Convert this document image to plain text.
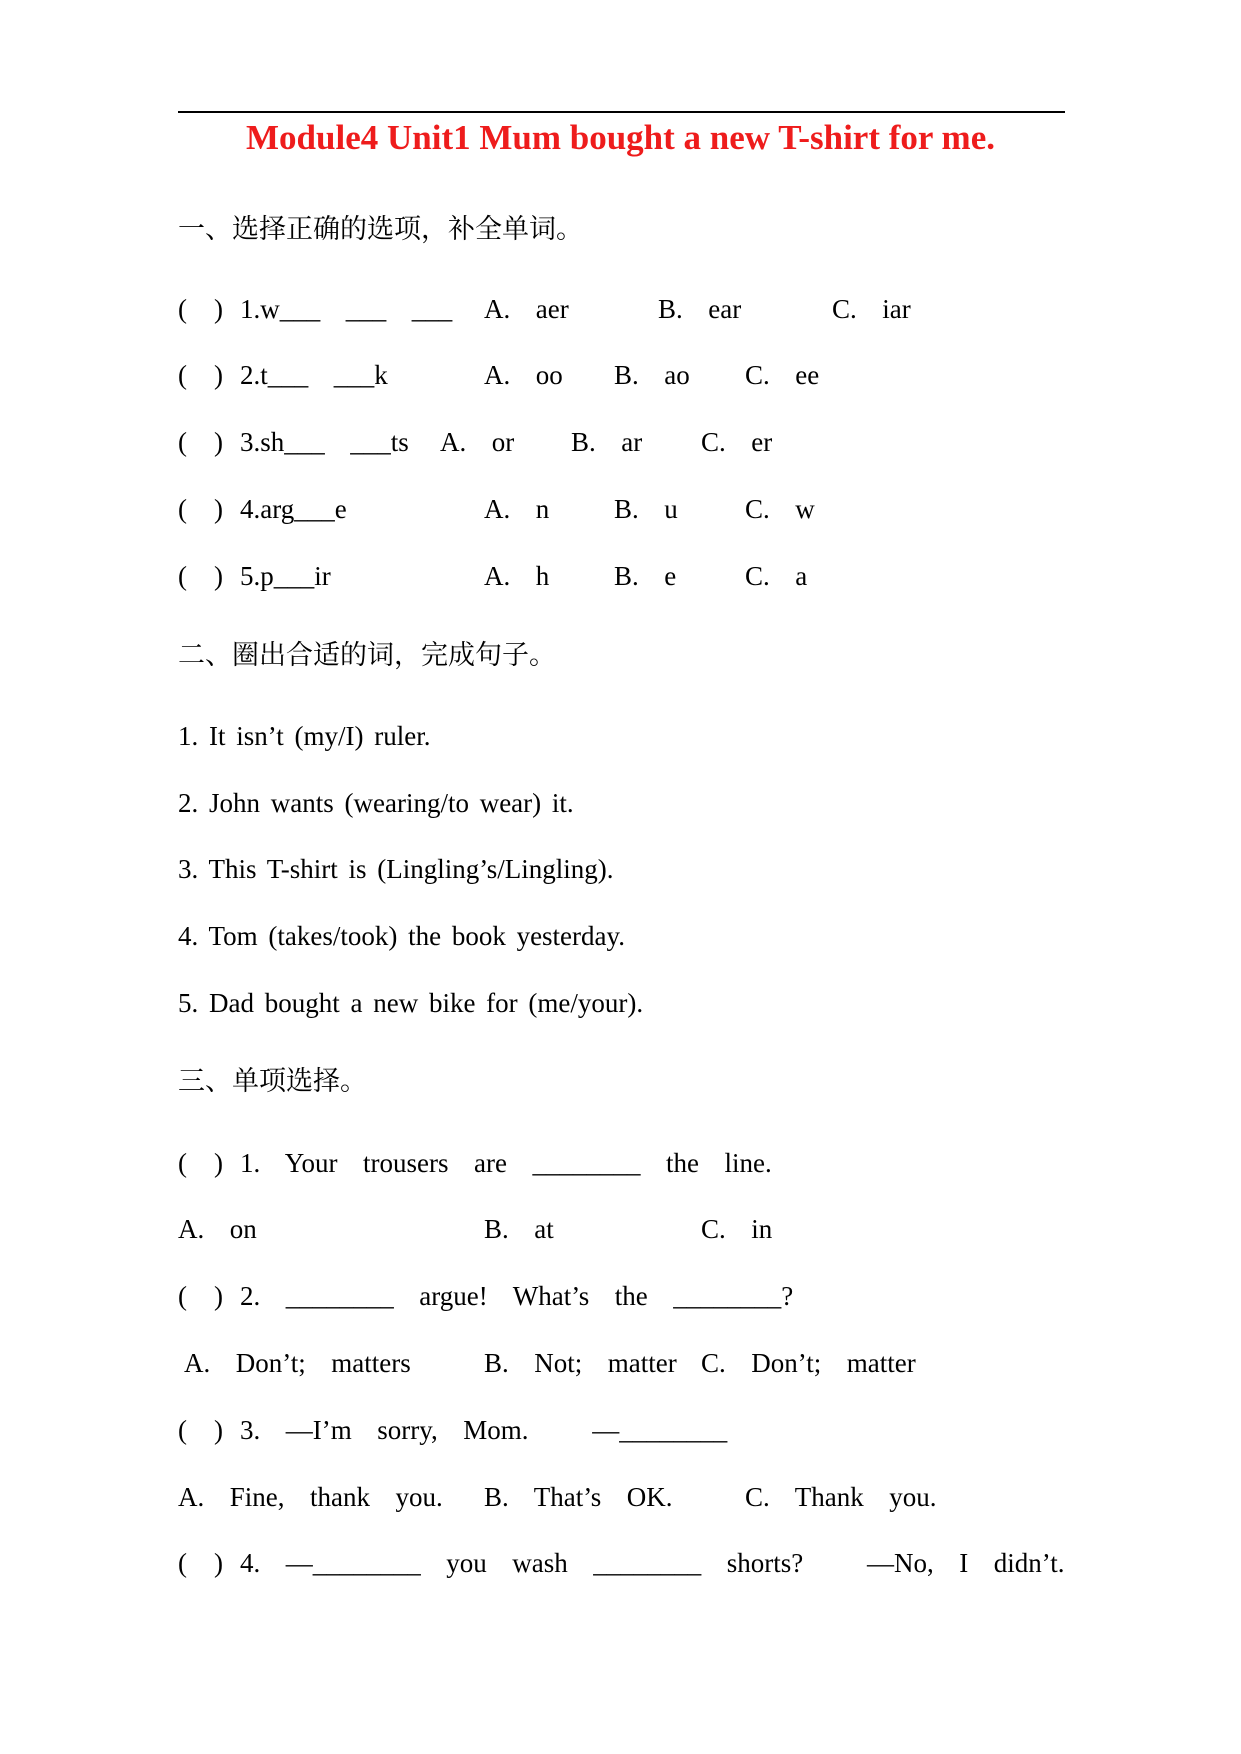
Module4 Unit1 Mum bought a new T-shirt for me.
一、选择正确的选项，补全单词。
(    ) 1.w___  ___  ___ A.  aer	B.  ear	C.  iar
(    ) 2.t___  ___k	A.  oo B.  ao C.  ee
(    ) 3.sh___  ___ts A.  or B.  ar C.  er
(    ) 4.arg___e	A.  n B.  u C.  w
(    ) 5.p___ir	A.  h B.  e	C.  a
二、圈出合适的词，完成句子。
1. It isn’t (my/I) ruler.
2. John wants (wearing/to wear) it.
3. This T-shirt is (Lingling’s/Lingling).
4. Tom (takes/took) the book yesterday.
5. Dad bought a new bike for (me/your).
三、单项选择。
(    ) 1.  Your  trousers  are  ________  the  line.
A.  on	B.  at	C.  in
(    ) 2.  ________  argue!  What’s  the  ________?
A.  Don’t;  matters	B.  Not;  matter C.  Don’t;  matter
(    ) 3.  —I’m  sorry,  Mom.     —________
A.  Fine,  thank  you. B.  That’s  OK.	C.  Thank  you.
(    ) 4.  —________  you  wash  ________  shorts?     —No,  I  didn’t.
